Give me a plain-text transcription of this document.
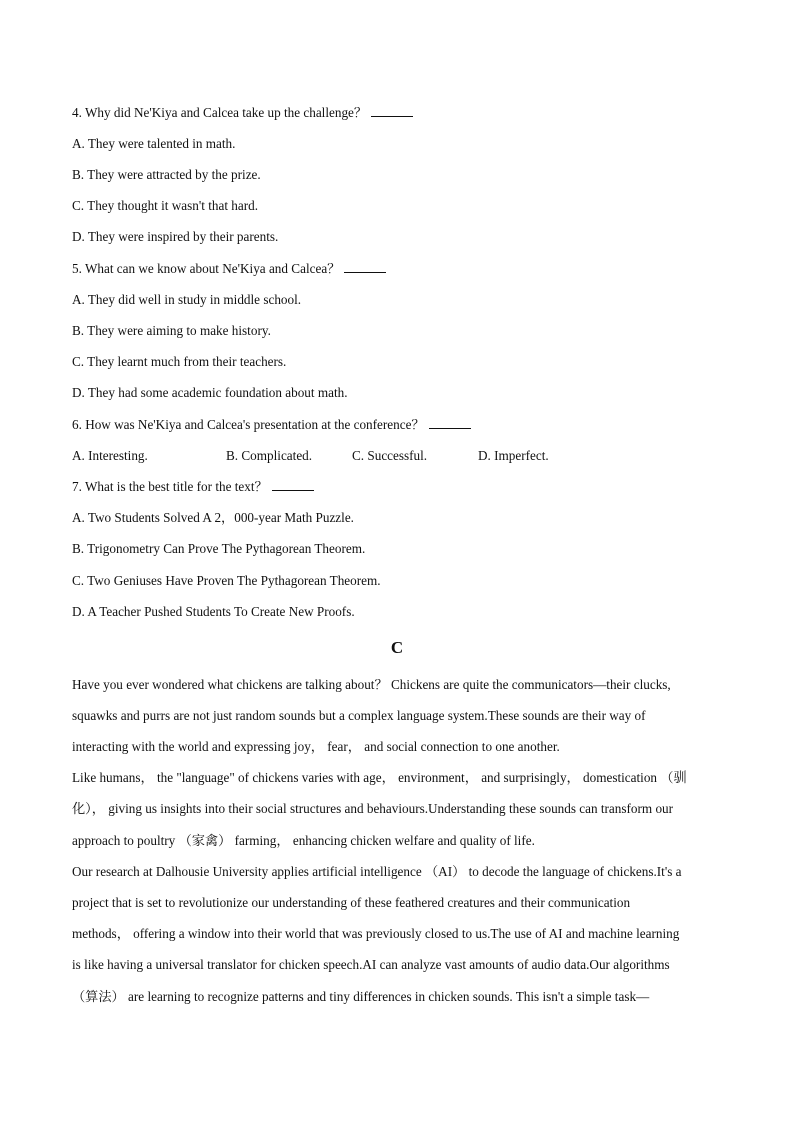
4. Why did Ne'Kiya and Calcea take up the challenge？
A. They were talented in math.
B. They were attracted by the prize.
C. They thought it wasn't that hard.
D. They were inspired by their parents.
5. What can we know about Ne'Kiya and Calcea？
A. They did well in study in middle school.
B. They were aiming to make history.
C. They learnt much from their teachers.
D. They had some academic foundation about math.
6. How was Ne'Kiya and Calcea's presentation at the conference？
A. Interesting.	B. Complicated.	C. Successful.	D. Imperfect.
7. What is the best title for the text？
A. Two Students Solved A 2，000-year Math Puzzle.
B. Trigonometry Can Prove The Pythagorean Theorem.
C. Two Geniuses Have Proven The Pythagorean Theorem.
D. A Teacher Pushed Students To Create New Proofs.
C
Have you ever wondered what chickens are talking about？ Chickens are quite the communicators—their clucks,
squawks and purrs are not just random sounds but a complex language system.These sounds are their way of
interacting with the world and expressing joy， fear， and social connection to one another.
Like humans， the "language" of chickens varies with age， environment， and surprisingly， domestication （驯
化）， giving us insights into their social structures and behaviours.Understanding these sounds can transform our
approach to poultry （家禽） farming， enhancing chicken welfare and quality of life.
Our research at Dalhousie University applies artificial intelligence （AI） to decode the language of chickens.It's a
project that is set to revolutionize our understanding of these feathered creatures and their communication
methods， offering a window into their world that was previously closed to us.The use of AI and machine learning
is like having a universal translator for chicken speech.AI can analyze vast amounts of audio data.Our algorithms
（算法） are learning to recognize patterns and tiny differences in chicken sounds. This isn't a simple task—
